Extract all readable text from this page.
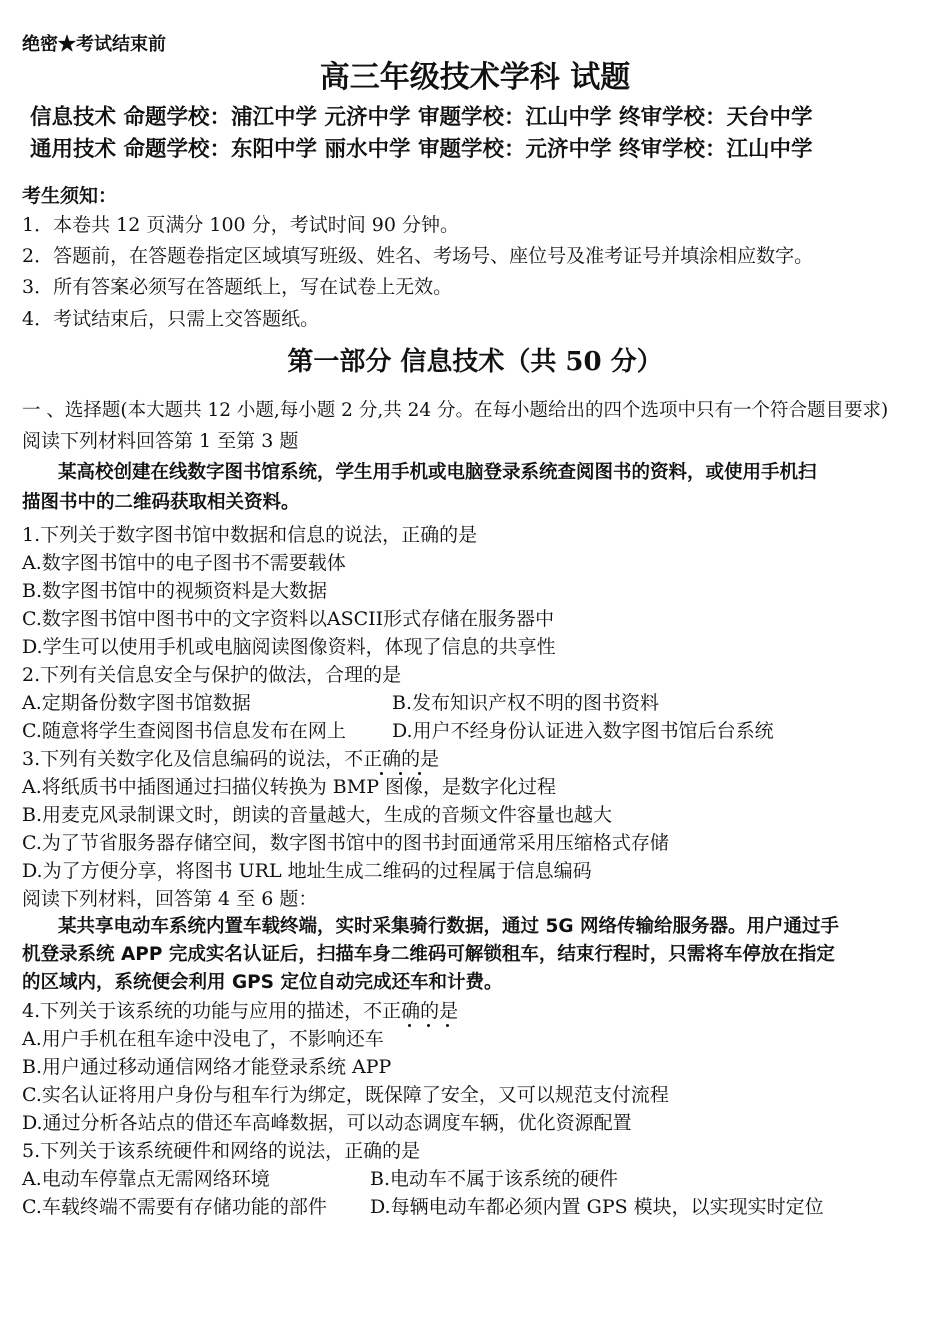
绝密★考试结束前
高三年级技术学科 试题
信息技术 命题学校：浦江中学 元济中学 审题学校：江山中学 终审学校：天台中学
通用技术 命题学校：东阳中学 丽水中学 审题学校：元济中学 终审学校：江山中学
考生须知：
1．本卷共 12 页满分 100 分，考试时间 90 分钟。
2．答题前，在答题卷指定区域填写班级、姓名、考场号、座位号及准考证号并填涂相应数字。
3．所有答案必须写在答题纸上，写在试卷上无效。
4．考试结束后，只需上交答题纸。
第一部分 信息技术（共 50 分）
一 、选择题(本大题共 12 小题,每小题 2 分,共 24 分。在每小题给出的四个选项中只有一个符合题目要求)
阅读下列材料回答第 1 至第 3 题
某高校创建在线数字图书馆系统，学生用手机或电脑登录系统查阅图书的资料，或使用手机扫
描图书中的二维码获取相关资料。
1.下列关于数字图书馆中数据和信息的说法，正确的是
A.数字图书馆中的电子图书不需要载体
B.数字图书馆中的视频资料是大数据
C.数字图书馆中图书中的文字资料以ASCII形式存储在服务器中
D.学生可以使用手机或电脑阅读图像资料，体现了信息的共享性
2.下列有关信息安全与保护的做法，合理的是
A.定期备份数字图书馆数据	B.发布知识产权不明的图书资料
C.随意将学生查阅图书信息发布在网上 D.用户不经身份认证进入数字图书馆后台系统
3.下列有关数字化及信息编码的说法，不正确的是
A.将纸质书中插图通过扫描仪转换为 BMP 图像，是数字化过程
B.用麦克风录制课文时，朗读的音量越大，生成的音频文件容量也越大
C.为了节省服务器存储空间，数字图书馆中的图书封面通常采用压缩格式存储
D.为了方便分享，将图书 URL 地址生成二维码的过程属于信息编码
阅读下列材料，回答第 4 至 6 题：
某共享电动车系统内置车载终端，实时采集骑行数据，通过 5G 网络传输给服务器。用户通过手
机登录系统 APP 完成实名认证后，扫描车身二维码可解锁租车，结束行程时，只需将车停放在指定
的区域内，系统便会利用 GPS 定位自动完成还车和计费。
4.下列关于该系统的功能与应用的描述，不正确的是
A.用户手机在租车途中没电了，不影响还车
B.用户通过移动通信网络才能登录系统 APP
C.实名认证将用户身份与租车行为绑定，既保障了安全，又可以规范支付流程
D.通过分析各站点的借还车高峰数据，可以动态调度车辆，优化资源配置
5.下列关于该系统硬件和网络的说法，正确的是
A.电动车停靠点无需网络环境	B.电动车不属于该系统的硬件
C.车载终端不需要有存储功能的部件 D.每辆电动车都必须内置 GPS 模块，以实现实时定位
